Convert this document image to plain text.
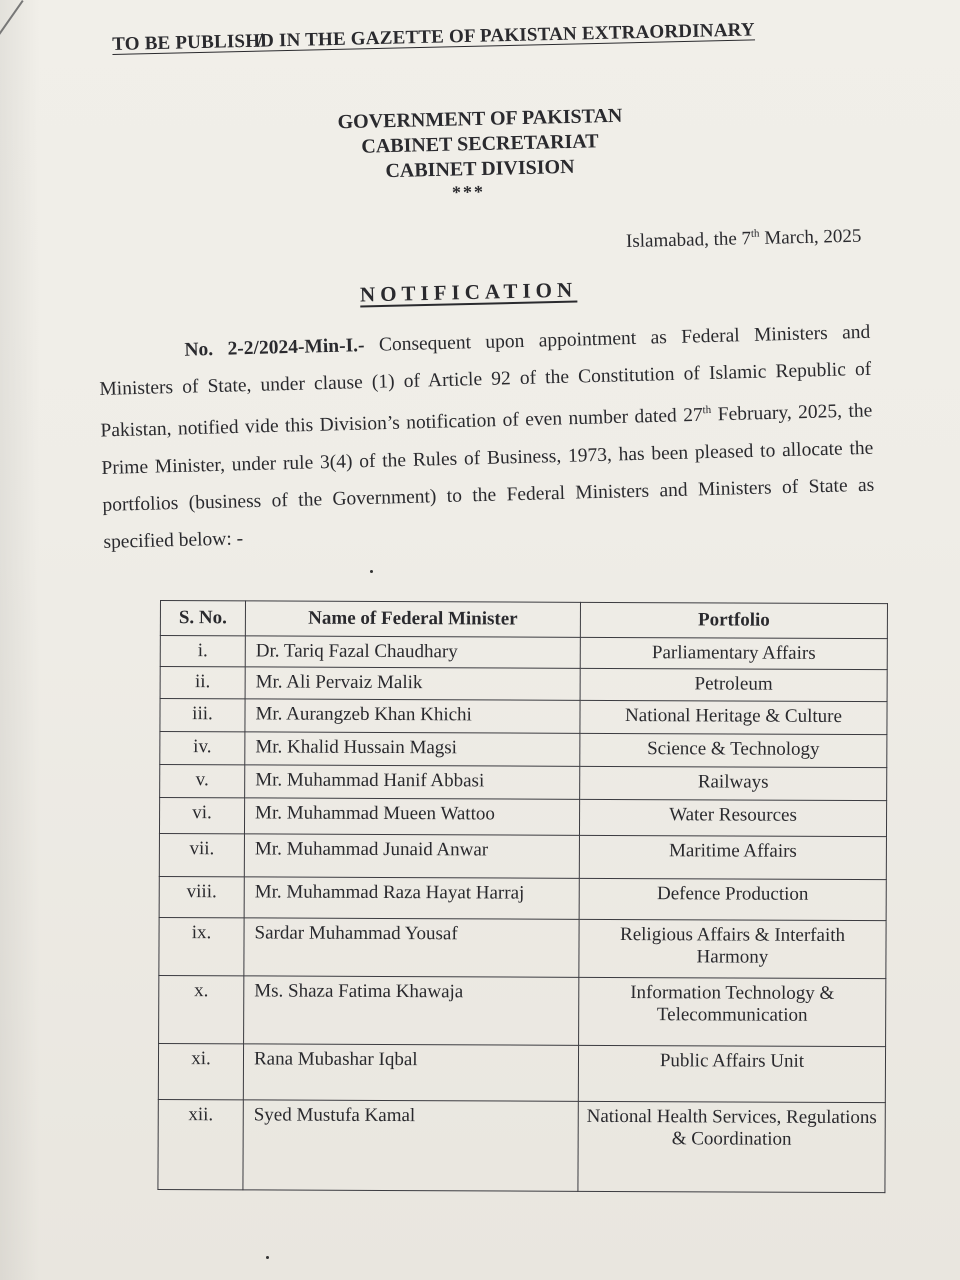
TO BE PUBLISH̸D IN THE GAZETTE OF PAKISTAN EXTRAORDINARY
GOVERNMENT OF PAKISTAN
CABINET SECRETARIAT
CABINET DIVISION
***
Islamabad, the 7th March, 2025
NOTIFICATION
No. 2-2/2024-Min-I.- Consequent upon appointment as Federal Ministers and Ministers of State, under clause (1) of Article 92 of the Constitution of Islamic Republic of Pakistan, notified vide this Division’s notification of even number dated 27th February, 2025, the Prime Minister, under rule 3(4) of the Rules of Business, 1973, has been pleased to allocate the portfolios (business of the Government) to the Federal Ministers and Ministers of State as specified below: -
S. No.	Name of Federal Minister	Portfolio
i.	Dr. Tariq Fazal Chaudhary	Parliamentary Affairs
ii.	Mr. Ali Pervaiz Malik	Petroleum
iii.	Mr. Aurangzeb Khan Khichi	National Heritage & Culture
iv.	Mr. Khalid Hussain Magsi	Science & Technology
v.	Mr. Muhammad Hanif Abbasi	Railways
vi.	Mr. Muhammad Mueen Wattoo	Water Resources
vii.	Mr. Muhammad Junaid Anwar	Maritime Affairs
viii.	Mr. Muhammad Raza Hayat Harraj	Defence Production
ix.	Sardar Muhammad Yousaf	Religious Affairs & Interfaith Harmony
x.	Ms. Shaza Fatima Khawaja	Information Technology & Telecommunication
xi.	Rana Mubashar Iqbal	Public Affairs Unit
xii.	Syed Mustufa Kamal	National Health Services, Regulations & Coordination
